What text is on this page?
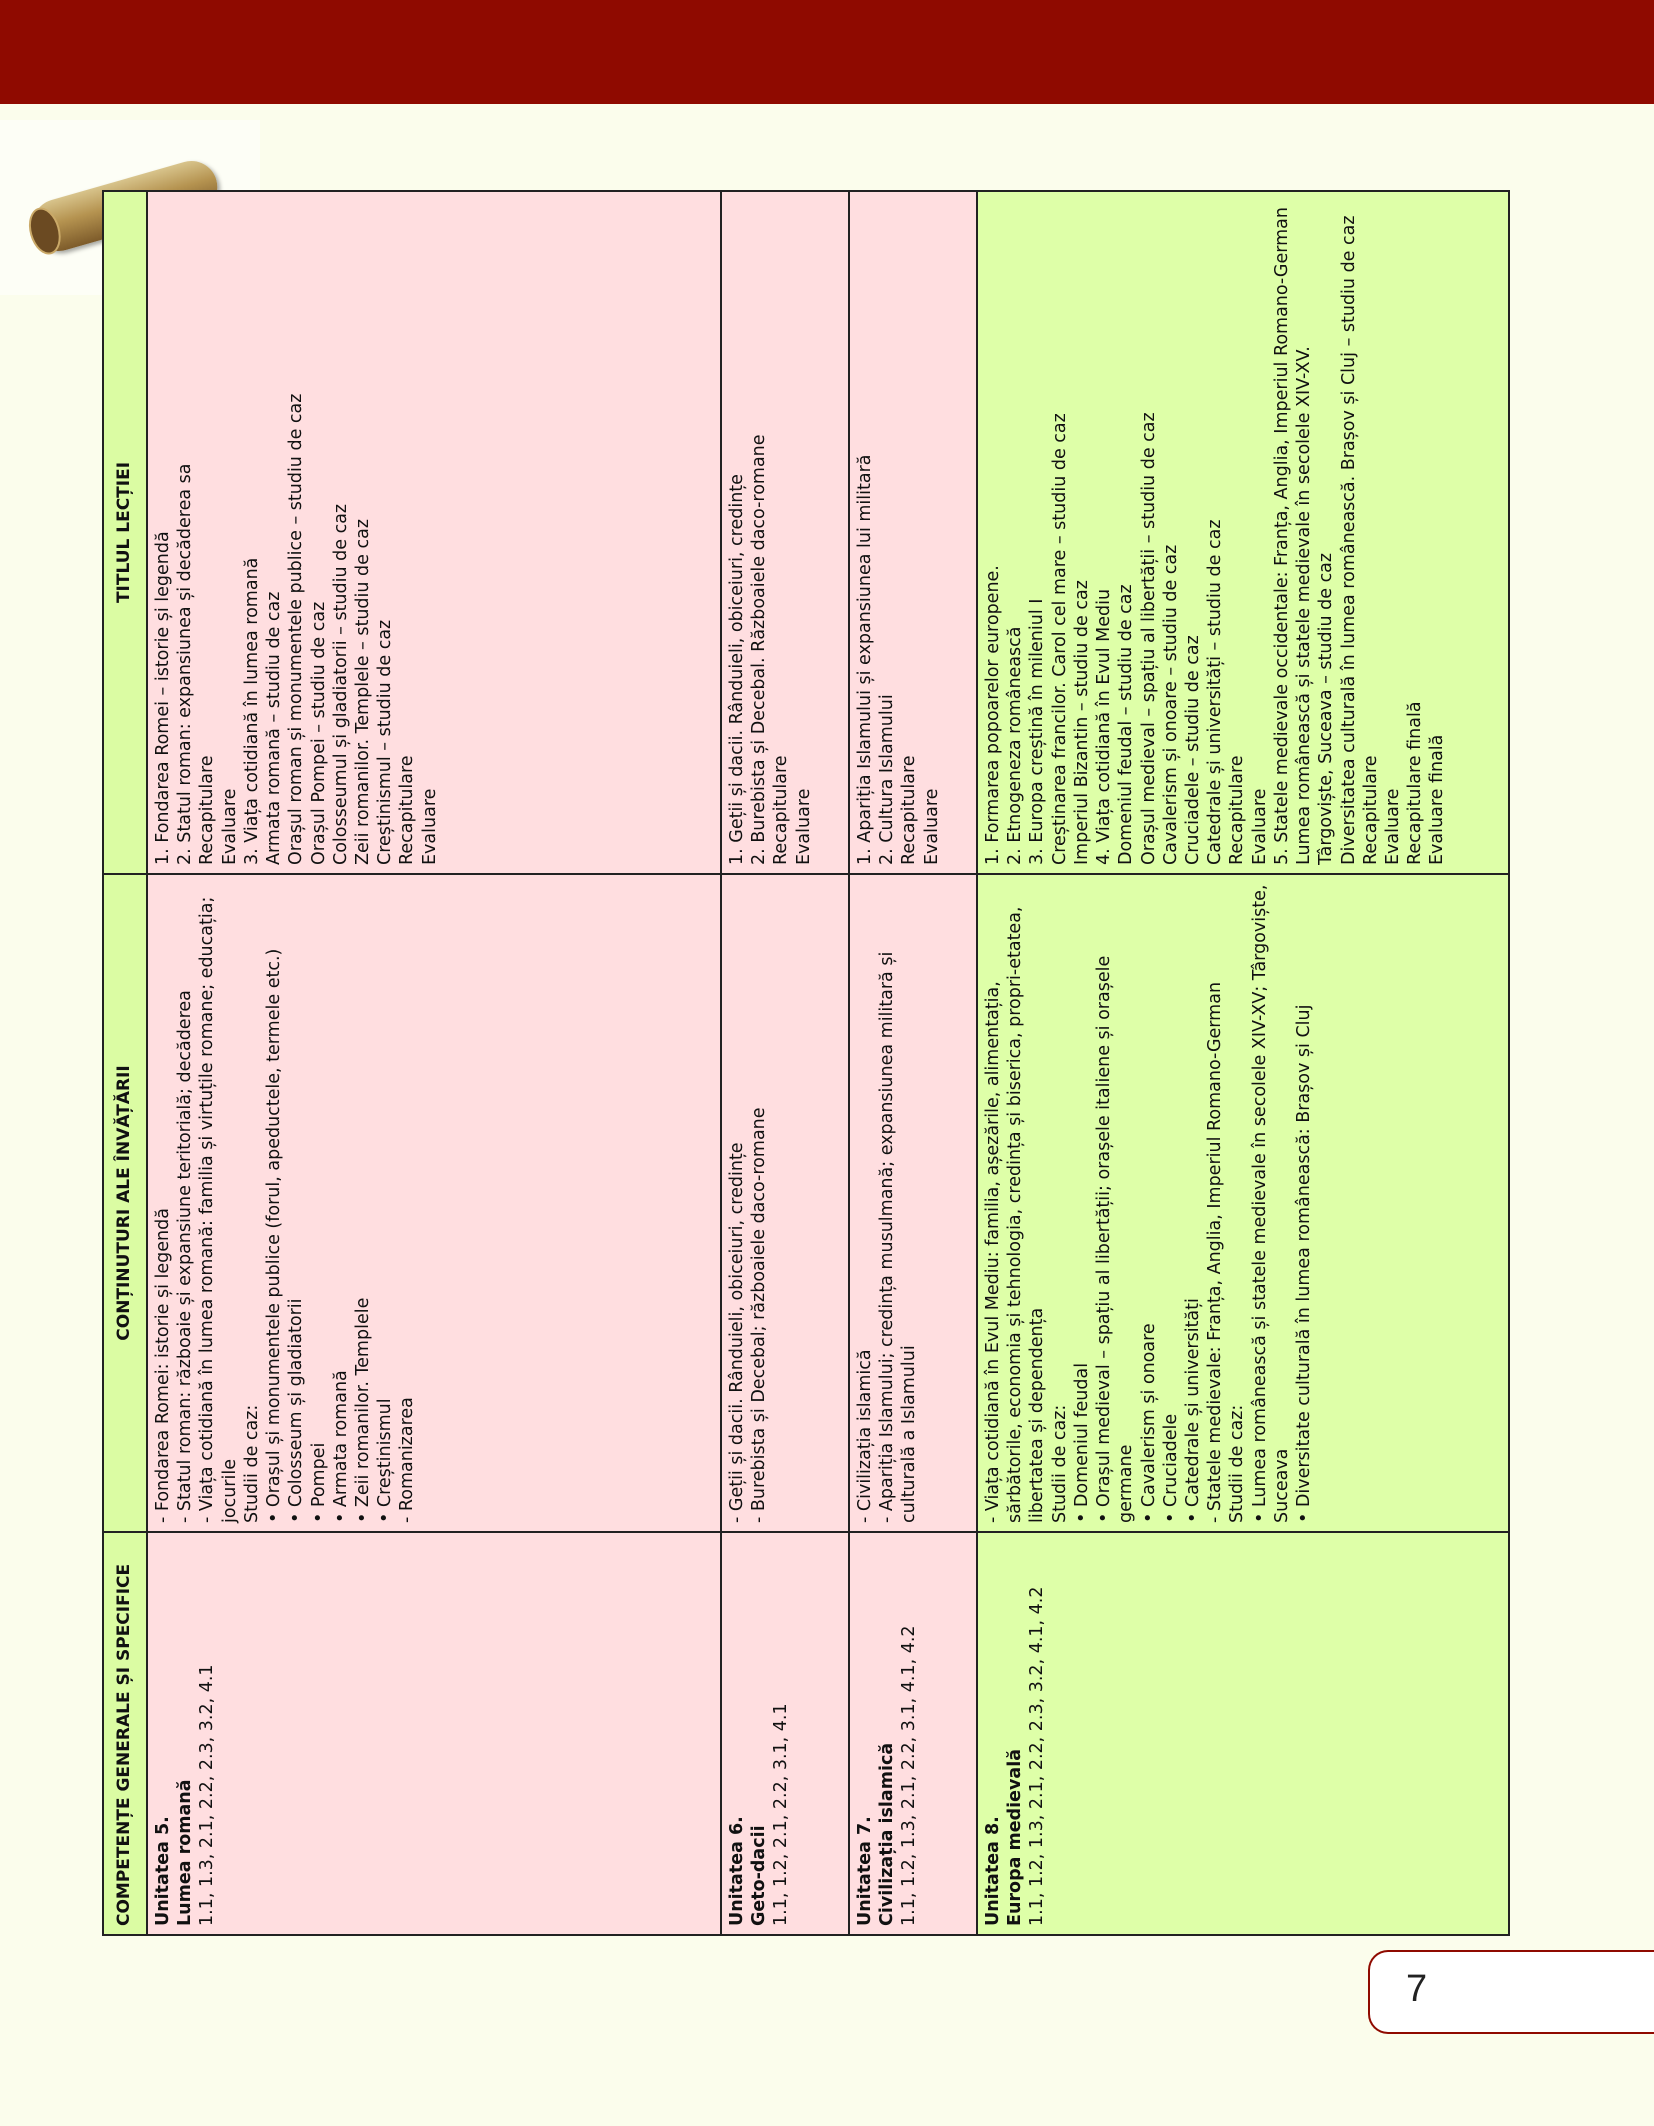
COMPETENȚE GENERALE ȘI SPECIFICE
CONȚINUTURI ALE ÎNVĂȚĂRII
TITLUL LECȚIEI
Unitatea 5. Lumea romană 1.1, 1.3, 2.1, 2.2, 2.3, 3.2, 4.1
- Fondarea Romei: istorie și legendă - Statul roman: războaie și expansiune teritorială; decăderea - Viața cotidiană în lumea romană: familia și virtuțile romane; educația; jocurile Studii de caz: • Orașul și monumentele publice (forul, apeductele, termele etc.) • Colosseum și gladiatorii • Pompei • Armata romană • Zeii romanilor. Templele • Creștinismul - Romanizarea
1. Fondarea Romei – istorie și legendă 2. Statul roman: expansiunea și decăderea sa Recapitulare Evaluare 3. Viața cotidiană în lumea romană Armata romană – studiu de caz Orașul roman și monumentele publice – studiu de caz Orașul Pompei – studiu de caz Colosseumul și gladiatorii – studiu de caz Zeii romanilor. Templele – studiu de caz Creștinismul – studiu de caz Recapitulare Evaluare
Unitatea 6. Geto-dacii 1.1, 1.2, 2.1, 2.2, 3.1, 4.1
- Geții și dacii. Rânduieli, obiceiuri, credințe - Burebista și Decebal; războaiele daco-romane
1. Geții și dacii. Rânduieli, obiceiuri, credințe 2. Burebista și Decebal. Războaiele daco-romane Recapitulare Evaluare
Unitatea 7. Civilizația islamică 1.1, 1.2, 1.3, 2.1, 2.2, 3.1, 4.1, 4.2
- Civilizația islamică - Apariția Islamului; credința musulmană; expansiunea militară și culturală a Islamului
1. Apariția Islamului și expansiunea lui militară 2. Cultura Islamului Recapitulare Evaluare
Unitatea 8. Europa medievală 1.1, 1.2, 1.3, 2.1, 2.2, 2.3, 3.2, 4.1, 4.2
- Viața cotidiană în Evul Mediu: familia, așezările, alimentația, sărbătorile, economia și tehnologia, credința și biserica, propri-etatea, libertatea și dependența Studii de caz: • Domeniul feudal • Orașul medieval – spațiu al libertății; orașele italiene și orașele germane • Cavalerism și onoare • Cruciadele • Catedrale și universități - Statele medievale: Franța, Anglia, Imperiul Romano-German Studii de caz: • Lumea românească și statele medievale în secolele XIV-XV; Târgoviște, Suceava • Diversitate culturală în lumea românească: Brașov și Cluj
1. Formarea popoarelor europene. 2. Etnogeneza românească 3. Europa creștină în mileniul I Creștinarea francilor. Carol cel mare – studiu de caz Imperiul Bizantin – studiu de caz 4. Viața cotidiană în Evul Mediu Domeniul feudal – studiu de caz Orașul medieval – spațiu al libertății – studiu de caz Cavalerism și onoare – studiu de caz Cruciadele – studiu de caz Catedrale și universități – studiu de caz Recapitulare Evaluare 5. Statele medievale occidentale: Franța, Anglia, Imperiul Romano-German Lumea românească și statele medievale în secolele XIV-XV. Târgoviște, Suceava – studiu de caz Diversitatea culturală în lumea românească. Brașov și Cluj – studiu de caz Recapitulare Evaluare Recapitulare finală Evaluare finală
7
